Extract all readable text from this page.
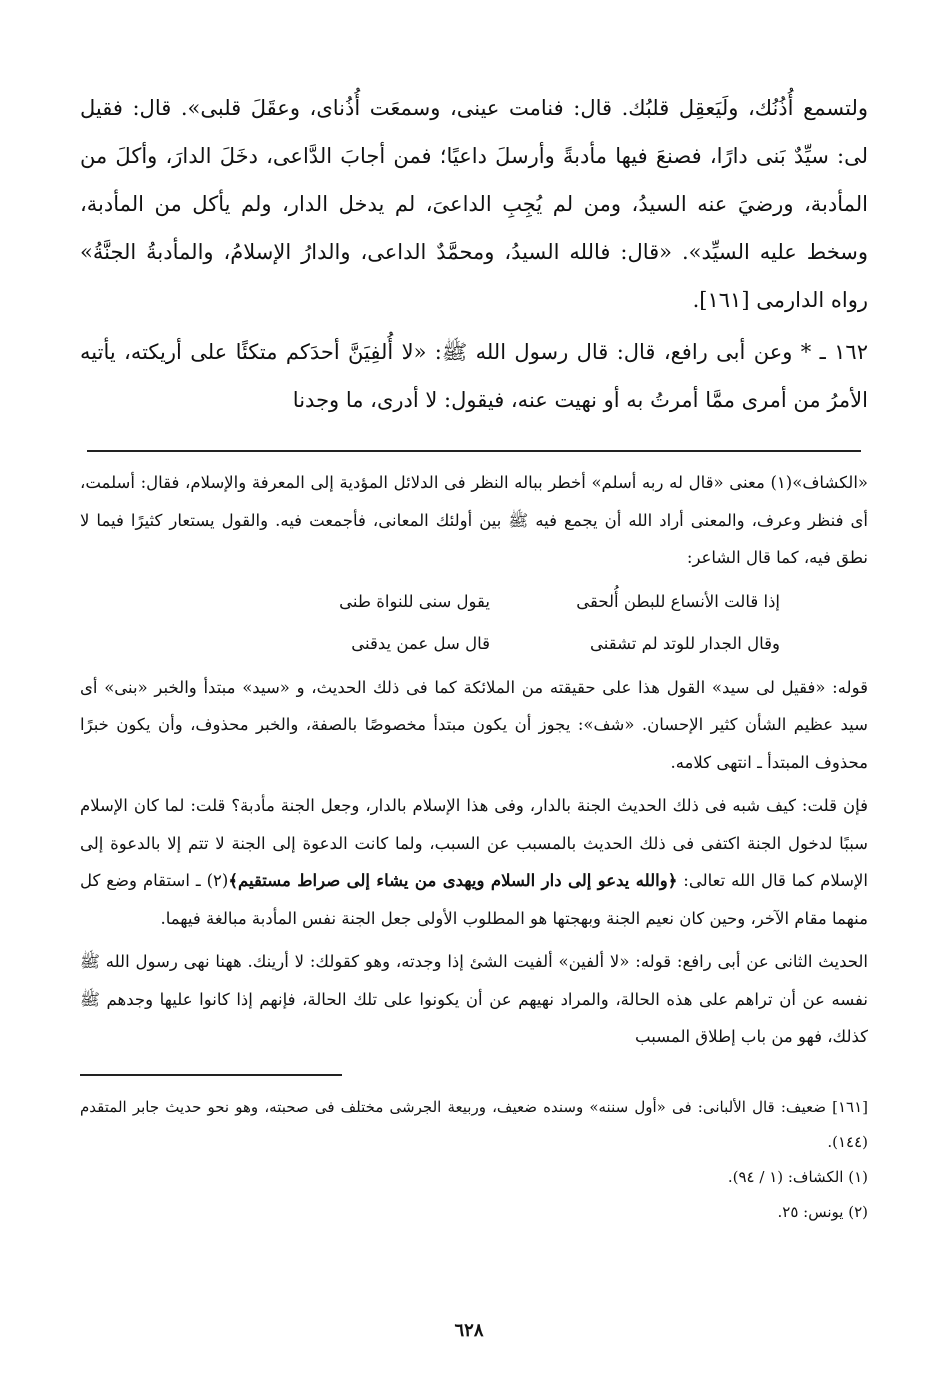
ولتسمع أُذُنُك، ولَيَعقِل قلبُك. قال: فنامت عينى، وسمعَت أُذُناى، وعقَلَ قلبى». قال: فقيل لى: سيِّدٌ بَنى دارًا، فصنعَ فيها مأدبةً وأرسلَ داعيًا؛ فمن أجابَ الدَّاعى، دخَلَ الدارَ، وأكلَ من المأدبة، ورضيَ عنه السيدُ، ومن لم يُجِبِ الداعىَ، لم يدخل الدار، ولم يأكل من المأدبة، وسخط عليه السيِّد». «قال: فالله السيدُ، ومحمَّدٌ الداعى، والدارُ الإسلامُ، والمأدبةُ الجنَّةُ» رواه الدارمى [١٦١].

١٦٢ ـ * وعن أبى رافع، قال: قال رسول الله ﷺ: «لا أُلفِيَنَّ أحدَكم متكئًا على أريكته، يأتيه الأمرُ من أمرى ممَّا أمرتُ به أو نهيت عنه، فيقول: لا أدرى، ما وجدنا

«الكشاف»(١) معنى «قال له ربه أسلم» أخطر بباله النظر فى الدلائل المؤدية إلى المعرفة والإسلام، فقال: أسلمت، أى فنظر وعرف، والمعنى أراد الله أن يجمع فيه ﷺ بين أولئك المعانى، فأجمعت فيه. والقول يستعار كثيرًا فيما لا نطق فيه، كما قال الشاعر:

إذا قالت الأنساع للبطن أُلحقى
يقول سنى للنواة طنى
وقال الجدار للوتد لم تشقنى
قال سل عمن يدقنى

قوله: «فقيل لى سيد» القول هذا على حقيقته من الملائكة كما فى ذلك الحديث، و «سيد» مبتدأ والخبر «بنى» أى سيد عظيم الشأن كثير الإحسان. «شف»: يجوز أن يكون مبتدأ مخصوصًا بالصفة، والخبر محذوف، وأن يكون خبرًا محذوف المبتدأ ـ انتهى كلامه.

فإن قلت: كيف شبه فى ذلك الحديث الجنة بالدار، وفى هذا الإسلام بالدار، وجعل الجنة مأدبة؟ قلت: لما كان الإسلام سببًا لدخول الجنة اكتفى فى ذلك الحديث بالمسبب عن السبب، ولما كانت الدعوة إلى الجنة لا تتم إلا بالدعوة إلى الإسلام كما قال الله تعالى: ﴿والله يدعو إلى دار السلام ويهدى من يشاء إلى صراط مستقيم﴾(٢) ـ استقام وضع كل منهما مقام الآخر، وحين كان نعيم الجنة وبهجتها هو المطلوب الأولى جعل الجنة نفس المأدبة مبالغة فيهما.

الحديث الثانى عن أبى رافع: قوله: «لا ألفين» ألفيت الشئ إذا وجدته، وهو كقولك: لا أرينك. ههنا نهى رسول الله ﷺ نفسه عن أن تراهم على هذه الحالة، والمراد نهيهم عن أن يكونوا على تلك الحالة، فإنهم إذا كانوا عليها وجدهم ﷺ كذلك، فهو من باب إطلاق المسبب

[١٦١] ضعيف: قال الألبانى: فى «أول سننه» وسنده ضعيف، وربيعة الجرشى مختلف فى صحبته، وهو نحو حديث جابر المتقدم (١٤٤).

(١) الكشاف: (١ / ٩٤).

(٢) يونس: ٢٥.

٦٢٨
